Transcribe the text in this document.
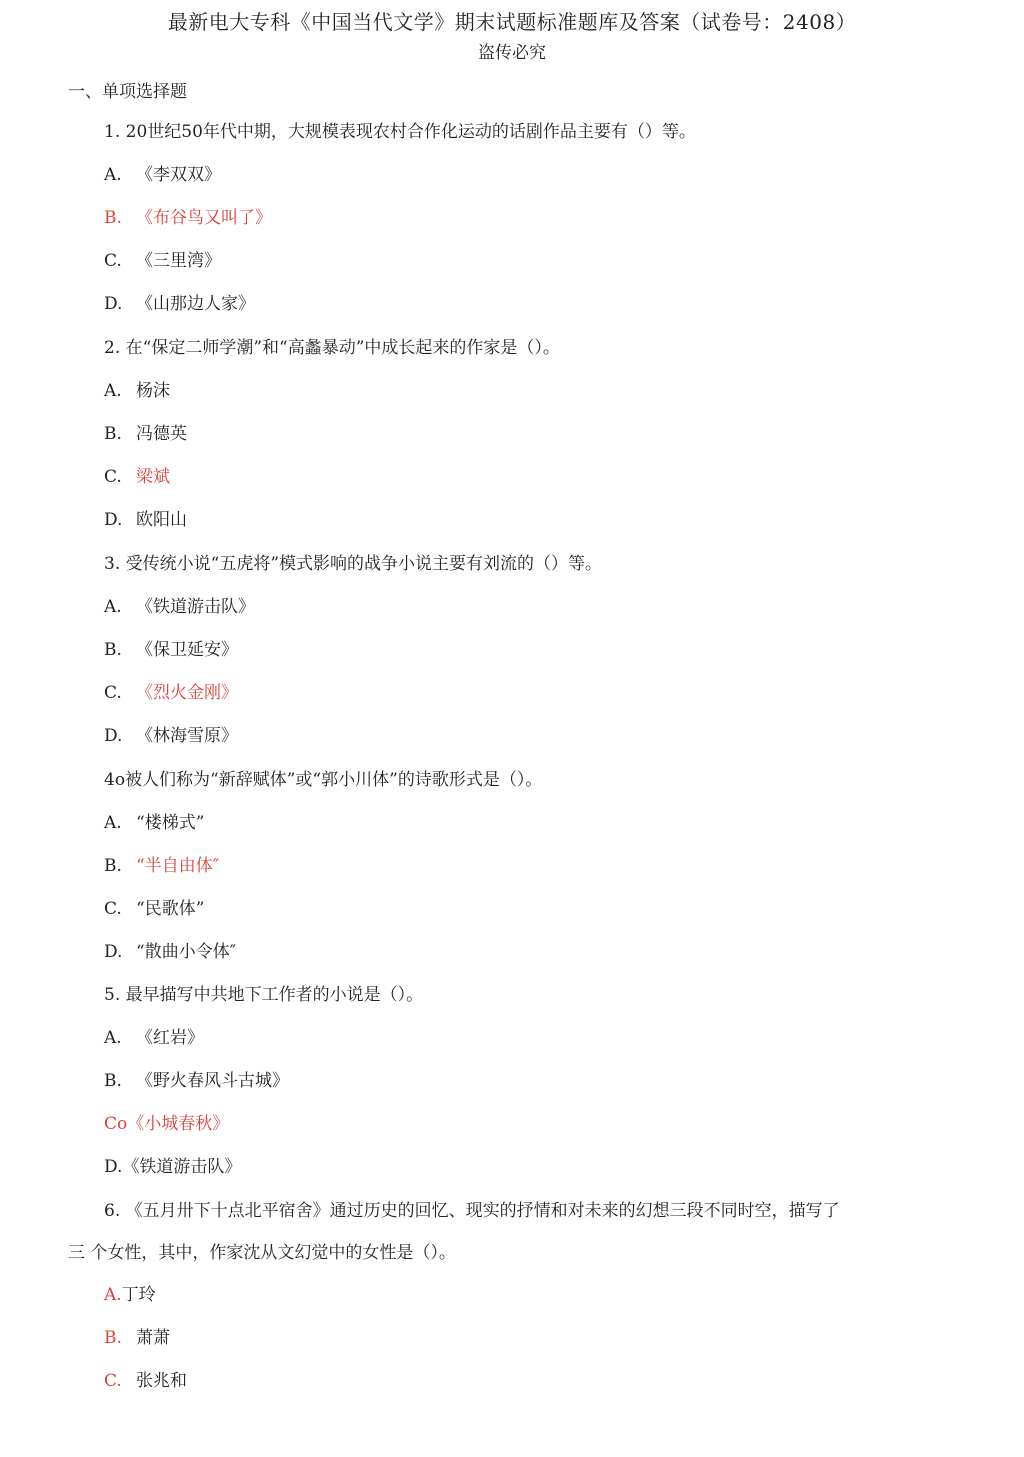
最新电大专科《中国当代文学》期末试题标准题库及答案（试卷号：2408）
盗传必究
一、单项选择题
1. 20世纪50年代中期，大规模表现农村合作化运动的话剧作品主要有（）等。
A. 《李双双》
B. 《布谷鸟又叫了》
C. 《三里湾》
D. 《山那边人家》
2. 在“保定二师学潮”和“高蠡暴动”中成长起来的作家是（）。
A. 杨沫
B. 冯德英
C. 梁斌
D. 欧阳山
3. 受传统小说“五虎将”模式影响的战争小说主要有刘流的（）等。
A. 《铁道游击队》
B. 《保卫延安》
C. 《烈火金刚》
D. 《林海雪原》
4o被人们称为“新辞赋体”或“郭小川体”的诗歌形式是（）。
A. “楼梯式”
B. “半自由体″
C. “民歌体”
D. “散曲小令体″
5. 最早描写中共地下工作者的小说是（）。
A. 《红岩》
B. 《野火春风斗古城》
Co《小城春秋》
D.《铁道游击队》
6. 《五月卅下十点北平宿舍》通过历史的回忆、现实的抒情和对未来的幻想三段不同时空，描写了
三 个女性，其中，作家沈从文幻觉中的女性是（）。
A.丁玲
B. 萧萧
C. 张兆和
